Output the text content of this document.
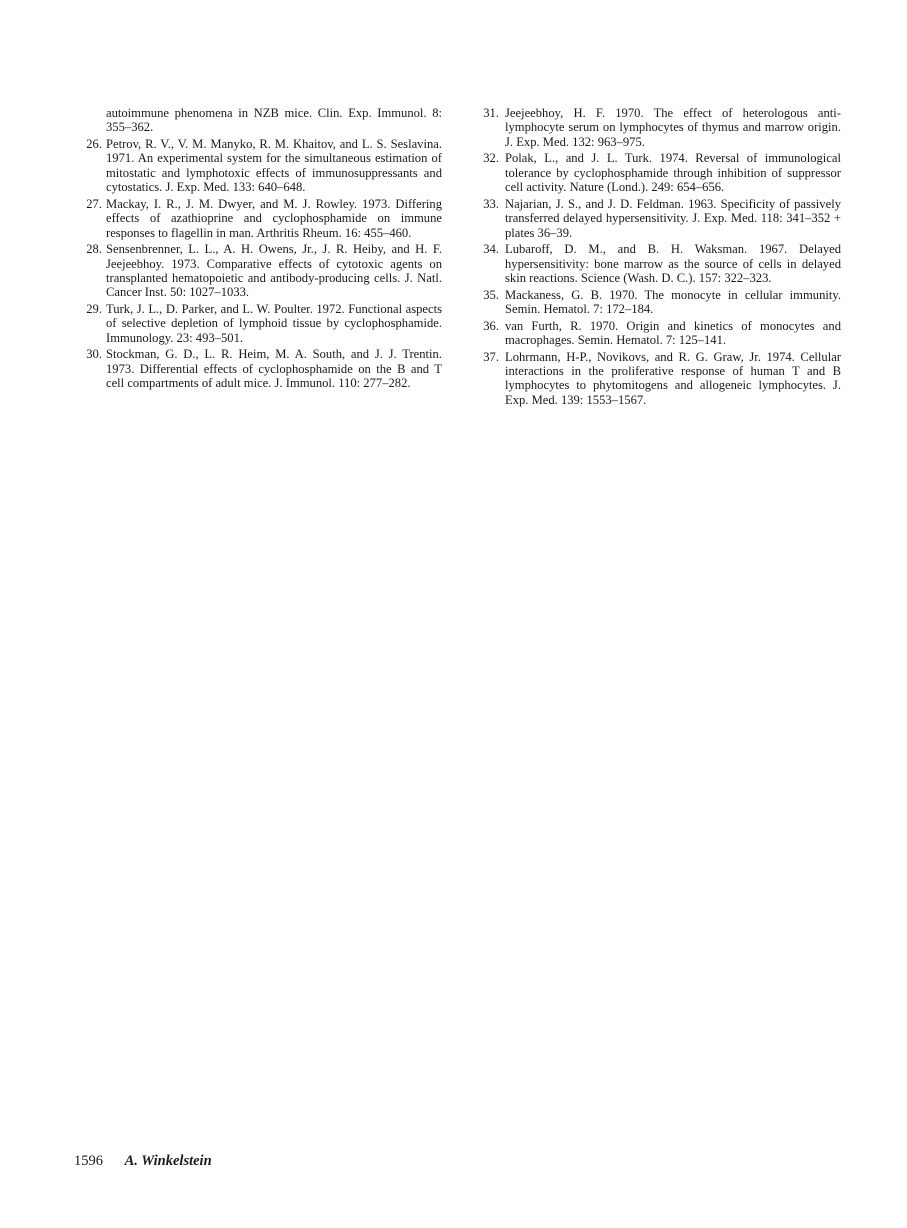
autoimmune phenomena in NZB mice. Clin. Exp. Immunol. 8: 355–362.
26. Petrov, R. V., V. M. Manyko, R. M. Khaitov, and L. S. Seslavina. 1971. An experimental system for the simultaneous estimation of mitostatic and lymphotoxic effects of immunosuppressants and cytostatics. J. Exp. Med. 133: 640–648.
27. Mackay, I. R., J. M. Dwyer, and M. J. Rowley. 1973. Differing effects of azathioprine and cyclophosphamide on immune responses to flagellin in man. Arthritis Rheum. 16: 455–460.
28. Sensenbrenner, L. L., A. H. Owens, Jr., J. R. Heiby, and H. F. Jeejeebhoy. 1973. Comparative effects of cytotoxic agents on transplanted hematopoietic and antibody-producing cells. J. Natl. Cancer Inst. 50: 1027–1033.
29. Turk, J. L., D. Parker, and L. W. Poulter. 1972. Functional aspects of selective depletion of lymphoid tissue by cyclophosphamide. Immunology. 23: 493–501.
30. Stockman, G. D., L. R. Heim, M. A. South, and J. J. Trentin. 1973. Differential effects of cyclophosphamide on the B and T cell compartments of adult mice. J. Immunol. 110: 277–282.
31. Jeejeebhoy, H. F. 1970. The effect of heterologous anti-lymphocyte serum on lymphocytes of thymus and marrow origin. J. Exp. Med. 132: 963–975.
32. Polak, L., and J. L. Turk. 1974. Reversal of immunological tolerance by cyclophosphamide through inhibition of suppressor cell activity. Nature (Lond.). 249: 654–656.
33. Najarian, J. S., and J. D. Feldman. 1963. Specificity of passively transferred delayed hypersensitivity. J. Exp. Med. 118: 341–352 + plates 36–39.
34. Lubaroff, D. M., and B. H. Waksman. 1967. Delayed hypersensitivity: bone marrow as the source of cells in delayed skin reactions. Science (Wash. D. C.). 157: 322–323.
35. Mackaness, G. B. 1970. The monocyte in cellular immunity. Semin. Hematol. 7: 172–184.
36. van Furth, R. 1970. Origin and kinetics of monocytes and macrophages. Semin. Hematol. 7: 125–141.
37. Lohrmann, H-P., Novikovs, and R. G. Graw, Jr. 1974. Cellular interactions in the proliferative response of human T and B lymphocytes to phytomitogens and allogeneic lymphocytes. J. Exp. Med. 139: 1553–1567.
1596 A. Winkelstein
